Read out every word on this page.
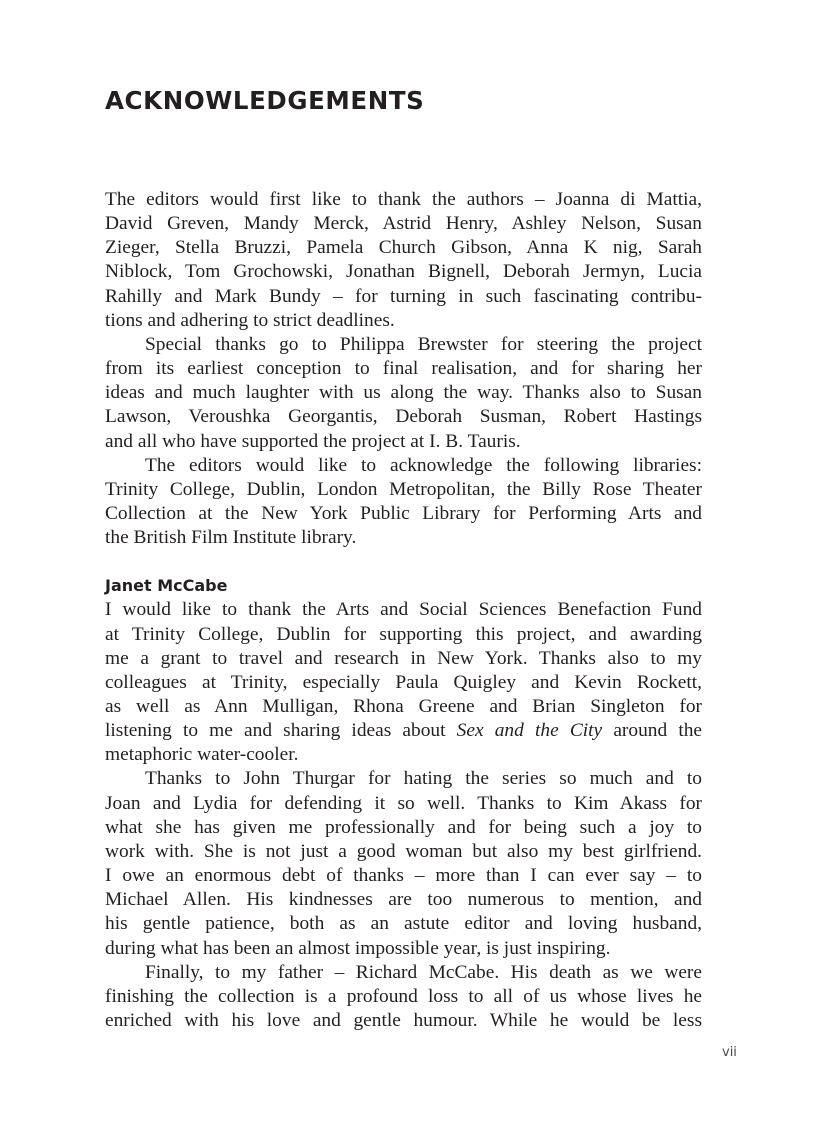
ACKNOWLEDGEMENTS

The editors would first like to thank the authors – Joanna di Mattia,
David Greven, Mandy Merck, Astrid Henry, Ashley Nelson, Susan
Zieger, Stella Bruzzi, Pamela Church Gibson, Anna K nig, Sarah
Niblock, Tom Grochowski, Jonathan Bignell, Deborah Jermyn, Lucia
Rahilly and Mark Bundy – for turning in such fascinating contribu-
tions and adhering to strict deadlines.

Special thanks go to Philippa Brewster for steering the project
from its earliest conception to final realisation, and for sharing her
ideas and much laughter with us along the way. Thanks also to Susan
Lawson, Veroushka Georgantis, Deborah Susman, Robert Hastings
and all who have supported the project at I. B. Tauris.

The editors would like to acknowledge the following libraries:
Trinity College, Dublin, London Metropolitan, the Billy Rose Theater
Collection at the New York Public Library for Performing Arts and
the British Film Institute library.

Janet McCabe

I would like to thank the Arts and Social Sciences Benefaction Fund
at Trinity College, Dublin for supporting this project, and awarding
me a grant to travel and research in New York. Thanks also to my
colleagues at Trinity, especially Paula Quigley and Kevin Rockett,
as well as Ann Mulligan, Rhona Greene and Brian Singleton for
listening to me and sharing ideas about Sex and the City around the
metaphoric water-cooler.

Thanks to John Thurgar for hating the series so much and to
Joan and Lydia for defending it so well. Thanks to Kim Akass for
what she has given me professionally and for being such a joy to
work with. She is not just a good woman but also my best girlfriend.
I owe an enormous debt of thanks – more than I can ever say – to
Michael Allen. His kindnesses are too numerous to mention, and
his gentle patience, both as an astute editor and loving husband,
during what has been an almost impossible year, is just inspiring.

Finally, to my father – Richard McCabe. His death as we were
finishing the collection is a profound loss to all of us whose lives he
enriched with his love and gentle humour. While he would be less

vii
